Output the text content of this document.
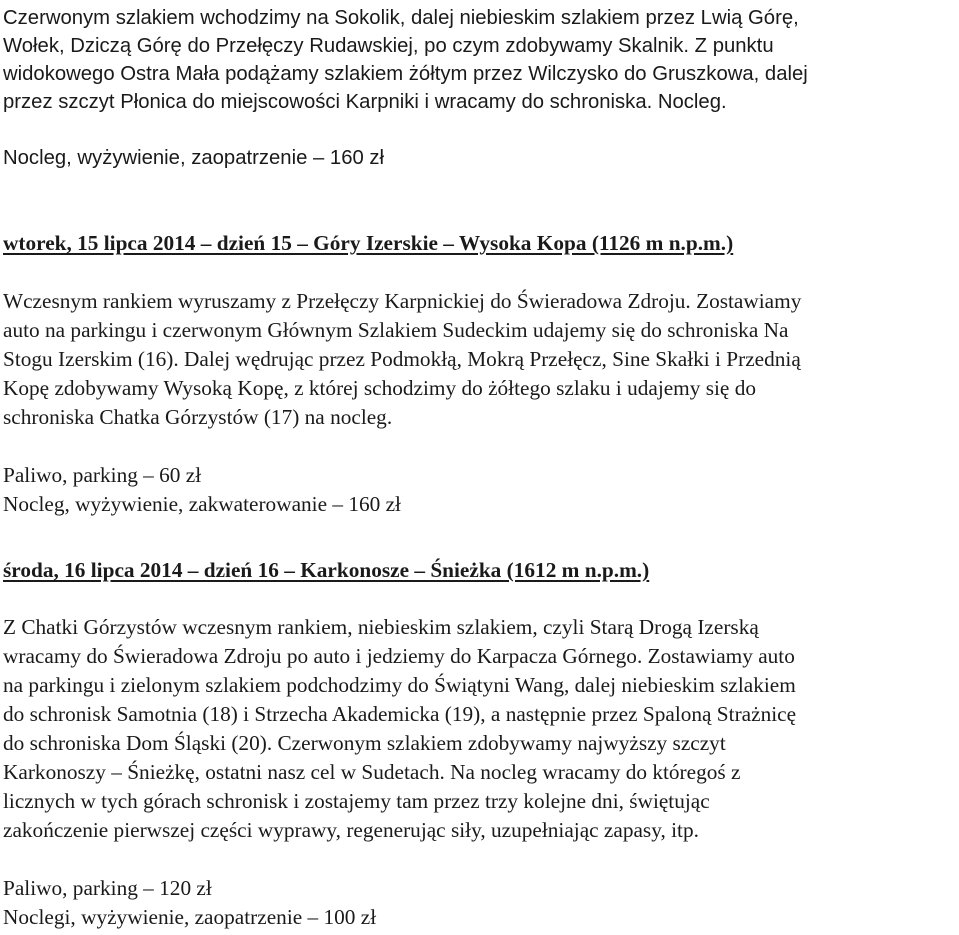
Czerwonym szlakiem wchodzimy na Sokolik, dalej niebieskim szlakiem przez Lwią Górę,
Wołek, Dziczą Górę do Przełęczy Rudawskiej, po czym zdobywamy Skalnik. Z punktu
widokowego Ostra Mała podążamy szlakiem żółtym przez Wilczysko do Gruszkowa, dalej
przez szczyt Płonica do miejscowości Karpniki i wracamy do schroniska. Nocleg.
Nocleg, wyżywienie, zaopatrzenie – 160 zł
wtorek, 15 lipca 2014 – dzień 15 – Góry Izerskie – Wysoka Kopa (1126 m n.p.m.)
Wczesnym rankiem wyruszamy z Przełęczy Karpnickiej do Świeradowa Zdroju. Zostawiamy
auto na parkingu i czerwonym Głównym Szlakiem Sudeckim udajemy się do schroniska Na
Stogu Izerskim (16). Dalej wędrując przez Podmokłą, Mokrą Przełęcz, Sine Skałki i Przednią
Kopę zdobywamy Wysoką Kopę, z której schodzimy do żółtego szlaku i udajemy się do
schroniska Chatka Górzystów (17) na nocleg.
Paliwo, parking – 60 zł
Nocleg, wyżywienie, zakwaterowanie – 160 zł
środa, 16 lipca 2014 – dzień 16 – Karkonosze – Śnieżka (1612 m n.p.m.)
Z Chatki Górzystów wczesnym rankiem, niebieskim szlakiem, czyli Starą Drogą Izerską
wracamy do Świeradowa Zdroju po auto i jedziemy do Karpacza Górnego. Zostawiamy auto
na parkingu i zielonym szlakiem podchodzimy do Świątyni Wang, dalej niebieskim szlakiem
do schronisk Samotnia (18) i Strzecha Akademicka (19), a następnie przez Spaloną Strażnicę
do schroniska Dom Śląski (20). Czerwonym szlakiem zdobywamy najwyższy szczyt
Karkonoszy – Śnieżkę, ostatni nasz cel w Sudetach. Na nocleg wracamy do któregoś z
licznych w tych górach schronisk i zostajemy tam przez trzy kolejne dni, świętując
zakończenie pierwszej części wyprawy, regenerując siły, uzupełniając zapasy, itp.
Paliwo, parking – 120 zł
Noclegi, wyżywienie, zaopatrzenie – 100 zł
